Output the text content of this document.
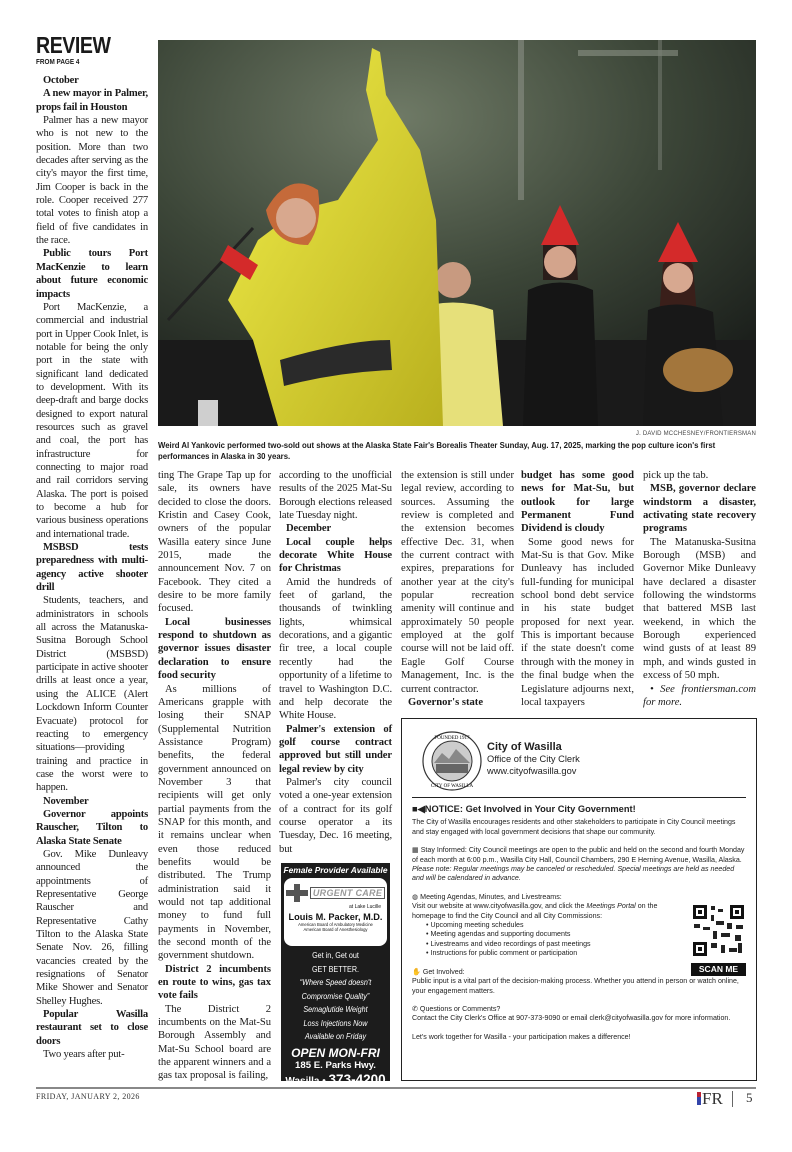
REVIEW
FROM PAGE 4
J. DAVID MCCHESNEY/FRONTIERSMAN
Weird Al Yankovic performed two-sold out shows at the Alaska State Fair's Borealis Theater Sunday, Aug. 17, 2025, marking the pop culture icon's first performances in Alaska in 30 years.

October

A new mayor in Palmer, props fail in Houston

Palmer has a new mayor who is not new to the position. More than two decades after serving as the city's mayor the first time, Jim Cooper is back in the role. Cooper received 277 total votes to finish atop a field of five candidates in the race.

Public tours Port MacKenzie to learn about future economic impacts

Port MacKenzie, a commercial and industrial port in Upper Cook Inlet, is notable for being the only port in the state with significant land dedicated to development. With its deep-draft and barge docks designed to export natural resources such as gravel and coal, the port has infrastructure for connecting to major road and rail corridors serving Alaska. The port is poised to become a hub for various business operations and international trade.

MSBSD tests preparedness with multi-agency active shooter drill

Students, teachers, and administrators in schools all across the Matanuska-Susitna Borough School District (MSBSD) participate in active shooter drills at least once a year, using the ALICE (Alert Lockdown Inform Counter Evacuate) protocol for reacting to emergency situations—providing training and practice in case the worst were to happen.

November

Governor appoints Rauscher, Tilton to Alaska State Senate

Gov. Mike Dunleavy announced the appointments of Representative George Rauscher and Representative Cathy Tilton to the Alaska State Senate Nov. 26, filling vacancies created by the resignations of Senator Mike Shower and Senator Shelley Hughes.

Popular Wasilla restaurant set to close doors

Two years after put-

ting The Grape Tap up for sale, its owners have decided to close the doors. Kristin and Casey Cook, owners of the popular Wasilla eatery since June 2015, made the announcement Nov. 7 on Facebook. They cited a desire to be more family focused.

Local businesses respond to shutdown as governor issues disaster declaration to ensure food security

As millions of Americans grapple with losing their SNAP (Supplemental Nutrition Assistance Program) benefits, the federal government announced on November 3 that recipients will get only partial payments from the SNAP for this month, and it remains unclear when even those reduced benefits would be distributed. The Trump administration said it would not tap additional money to fund full payments in November, the second month of the government shutdown.

District 2 incumbents en route to wins, gas tax vote fails

The District 2 incumbents on the Mat-Su Borough Assembly and Mat-Su School board are the apparent winners and a gas tax proposal is failing,

according to the unofficial results of the 2025 Mat-Su Borough elections released late Tuesday night.

December

Local couple helps decorate White House for Christmas

Amid the hundreds of feet of garland, the thousands of twinkling lights, whimsical decorations, and a gigantic fir tree, a local couple recently had the opportunity of a lifetime to travel to Washington D.C. and help decorate the White House.

Palmer's extension of golf course contract approved but still under legal review by city

Palmer's city council voted a one-year extension of a contract for its golf course operator a its Tuesday, Dec. 16 meeting, but

the extension is still under legal review, according to sources. Assuming the review is completed and the extension becomes effective Dec. 31, when the current contract with expires, preparations for another year at the city's popular recreation amenity will continue and approximately 50 people employed at the golf course will not be laid off. Eagle Golf Course Management, Inc. is the current contractor.

Governor's state

budget has some good news for Mat-Su, but outlook for large Permanent Fund Dividend is cloudy

Some good news for Mat-Su is that Gov. Mike Dunleavy has included full-funding for municipal school bond debt service in his state budget proposed for next year. This is important because if the state doesn't come through with the money in the final budge when the Legislature adjourns next, local taxpayers

pick up the tab.

MSB, governor declare windstorm a disaster, activating state recovery programs

The Matanuska-Susitna Borough (MSB) and Governor Mike Dunleavy have declared a disaster following the windstorms that battered MSB last weekend, in which the Borough experienced wind gusts of at least 89 mph, and winds gusted in excess of 50 mph.

• See frontiersman.com for more.

Female Provider Available
URGENT CARE
at Lake Lucille
Louis M. Packer, M.D.
American Board of Ambulatory Medicine
American Board of Anesthesiology
Get in, Get out
GET BETTER.
“Where Speed doesn't
Compromise Quality”
Semaglutide Weight
Loss Injections Now
Available on Friday
OPEN MON-FRI
185 E. Parks Hwy.
Wasilla • 373-4200
FOUNDED 1917
CITY OF WASILLA
City of Wasilla
Office of the City Clerk
www.cityofwasilla.gov
■◀NOTICE: Get Involved in Your City Government!
The City of Wasilla encourages residents and other stakeholders to participate in City Council meetings and stay engaged with local government decisions that shape our community.
▦ Stay Informed: City Council meetings are open to the public and held on the second and fourth Monday of each month at 6:00 p.m., Wasilla City Hall, Council Chambers, 290 E Herning Avenue, Wasilla, Alaska. Please note: Regular meetings may be canceled or rescheduled. Special meetings are held as needed and will be calendared in advance.
◍ Meeting Agendas, Minutes, and Livestreams:
Visit our website at www.cityofwasilla.gov, and click the Meetings Portal on the homepage to find the City Council and all City Commissions:
• Upcoming meeting schedules
• Meeting agendas and supporting documents
• Livestreams and video recordings of past meetings
• Instructions for public comment or participation
✋ Get Involved:
Public input is a vital part of the decision-making process. Whether you attend in person or watch online, your engagement matters.
✆ Questions or Comments?
Contact the City Clerk's Office at 907-373-9090 or email clerk@cityofwasilla.gov for more information.
Let's work together for Wasilla - your participation makes a difference!
SCAN ME
FRIDAY, JANUARY 2, 2026	FR 5
